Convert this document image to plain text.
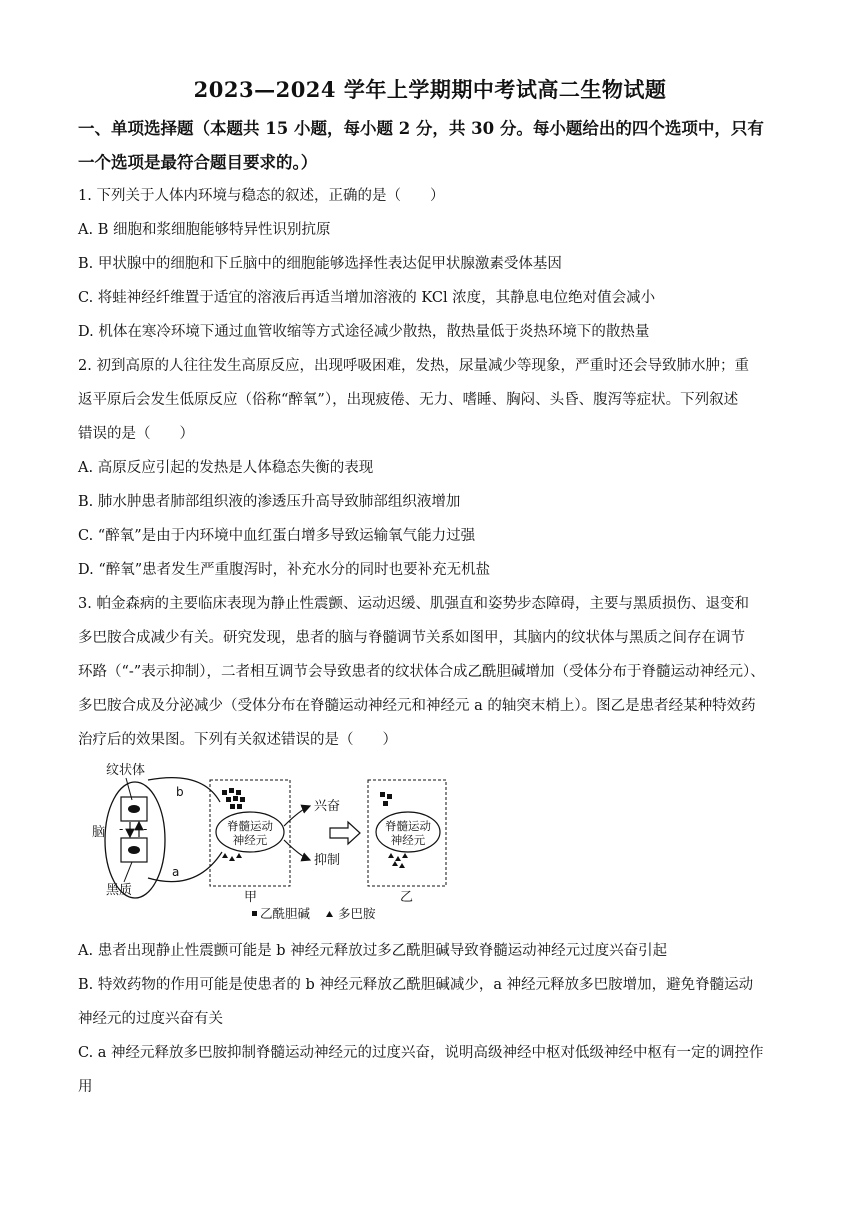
2023—2024 学年上学期期中考试高二生物试题
一、单项选择题（本题共 15 小题，每小题 2 分，共 30 分。每小题给出的四个选项中，只有
一个选项是最符合题目要求的。）
1. 下列关于人体内环境与稳态的叙述，正确的是（　　）
A. B 细胞和浆细胞能够特异性识别抗原
B. 甲状腺中的细胞和下丘脑中的细胞能够选择性表达促甲状腺激素受体基因
C. 将蛙神经纤维置于适宜的溶液后再适当增加溶液的 KCl 浓度，其静息电位绝对值会减小
D. 机体在寒冷环境下通过血管收缩等方式途径减少散热，散热量低于炎热环境下的散热量
2. 初到高原的人往往发生高原反应，出现呼吸困难，发热，尿量减少等现象，严重时还会导致肺水肿；重
返平原后会发生低原反应（俗称“醉氧”），出现疲倦、无力、嗜睡、胸闷、头昏、腹泻等症状。下列叙述
错误的是（　　）
A. 高原反应引起的发热是人体稳态失衡的表现
B. 肺水肿患者肺部组织液的渗透压升高导致肺部组织液增加
C. “醉氧”是由于内环境中血红蛋白增多导致运输氧气能力过强
D. “醉氧”患者发生严重腹泻时，补充水分的同时也要补充无机盐
3. 帕金森病的主要临床表现为静止性震颤、运动迟缓、肌强直和姿势步态障碍，主要与黑质损伤、退变和
多巴胺合成减少有关。研究发现，患者的脑与脊髓调节关系如图甲，其脑内的纹状体与黑质之间存在调节
环路（“-”表示抑制），二者相互调节会导致患者的纹状体合成乙酰胆碱增加（受体分布于脊髓运动神经元）、
多巴胺合成及分泌减少（受体分布在脊髓运动神经元和神经元 a 的轴突末梢上）。图乙是患者经某种特效药
治疗后的效果图。下列有关叙述错误的是（　　）
- -
纹状体
脑
黑质
b
a
脊髓运动
神经元
兴奋
抑制
甲
脊髓运动
神经元
乙
乙酰胆碱 多巴胺
A. 患者出现静止性震颤可能是 b 神经元释放过多乙酰胆碱导致脊髓运动神经元过度兴奋引起
B. 特效药物的作用可能是使患者的 b 神经元释放乙酰胆碱减少，a 神经元释放多巴胺增加，避免脊髓运动
神经元的过度兴奋有关
C. a 神经元释放多巴胺抑制脊髓运动神经元的过度兴奋，说明高级神经中枢对低级神经中枢有一定的调控作
用
